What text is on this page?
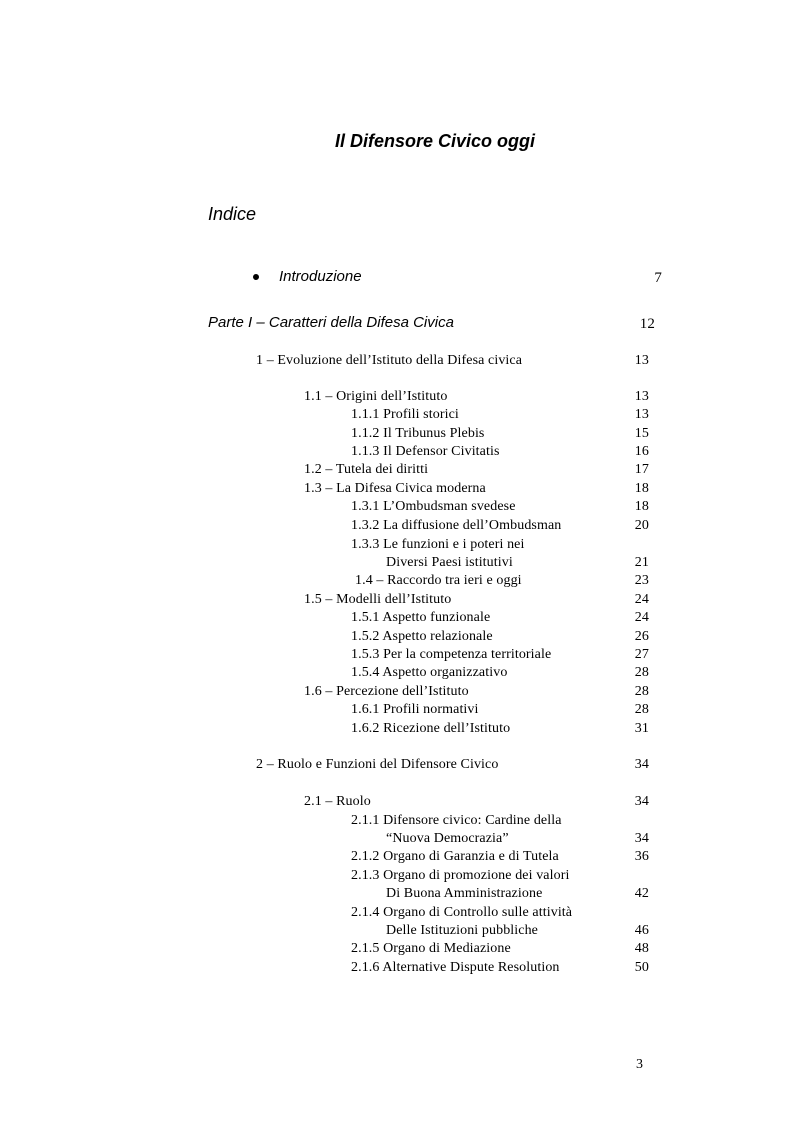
Il Difensore Civico oggi
Indice
Introduzione	7
Parte I – Caratteri della Difesa Civica	12
1 – Evoluzione dell’Istituto della Difesa civica	13
1.1 – Origini dell’Istituto	13
1.1.1 Profili storici	13
1.1.2 Il Tribunus Plebis	15
1.1.3 Il Defensor Civitatis	16
1.2 – Tutela dei diritti	17
1.3 – La Difesa Civica moderna	18
1.3.1 L’Ombudsman svedese	18
1.3.2 La diffusione dell’Ombudsman	20
1.3.3 Le funzioni e i poteri nei
Diversi Paesi istitutivi	21
1.4 – Raccordo tra ieri e oggi	23
1.5 – Modelli dell’Istituto	24
1.5.1 Aspetto funzionale	24
1.5.2 Aspetto relazionale	26
1.5.3 Per la competenza territoriale	27
1.5.4 Aspetto organizzativo	28
1.6 – Percezione dell’Istituto	28
1.6.1 Profili normativi	28
1.6.2 Ricezione dell’Istituto	31
2 – Ruolo e Funzioni del Difensore Civico	34
2.1 – Ruolo	34
2.1.1 Difensore civico: Cardine della
“Nuova Democrazia”	34
2.1.2 Organo di Garanzia e di Tutela	36
2.1.3 Organo di promozione dei valori
Di Buona Amministrazione	42
2.1.4 Organo di Controllo sulle attività
Delle Istituzioni pubbliche	46
2.1.5 Organo di Mediazione	48
2.1.6 Alternative Dispute Resolution	50
3
